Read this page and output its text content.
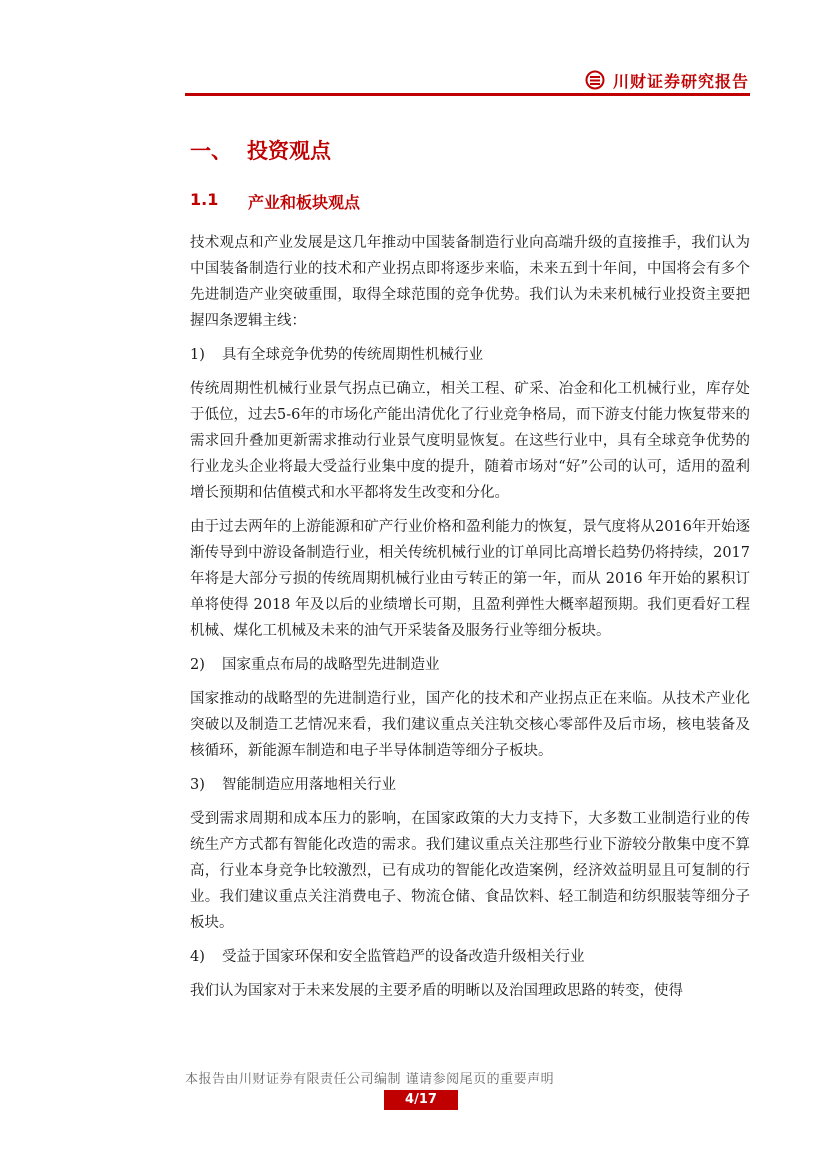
川财证券研究报告
一、 投资观点
1.1	产业和板块观点

技术观点和产业发展是这几年推动中国装备制造行业向高端升级的直接推手，我们认为中国装备制造行业的技术和产业拐点即将逐步来临，未来五到十年间，中国将会有多个先进制造产业突破重围，取得全球范围的竞争优势。我们认为未来机械行业投资主要把握四条逻辑主线：

1)	具有全球竞争优势的传统周期性机械行业

传统周期性机械行业景气拐点已确立，相关工程、矿采、冶金和化工机械行业，库存处于低位，过去5-6年的市场化产能出清优化了行业竞争格局，而下游支付能力恢复带来的需求回升叠加更新需求推动行业景气度明显恢复。在这些行业中，具有全球竞争优势的行业龙头企业将最大受益行业集中度的提升，随着市场对“好”公司的认可，适用的盈利增长预期和估值模式和水平都将发生改变和分化。

由于过去两年的上游能源和矿产行业价格和盈利能力的恢复，景气度将从2016年开始逐渐传导到中游设备制造行业，相关传统机械行业的订单同比高增长趋势仍将持续，2017年将是大部分亏损的传统周期机械行业由亏转正的第一年，而从 2016 年开始的累积订单将使得 2018 年及以后的业绩增长可期，且盈利弹性大概率超预期。我们更看好工程机械、煤化工机械及未来的油气开采装备及服务行业等细分板块。

2)	国家重点布局的战略型先进制造业

国家推动的战略型的先进制造行业，国产化的技术和产业拐点正在来临。从技术产业化突破以及制造工艺情况来看，我们建议重点关注轨交核心零部件及后市场，核电装备及核循环，新能源车制造和电子半导体制造等细分子板块。

3)	智能制造应用落地相关行业

受到需求周期和成本压力的影响，在国家政策的大力支持下，大多数工业制造行业的传统生产方式都有智能化改造的需求。我们建议重点关注那些行业下游较分散集中度不算高，行业本身竞争比较激烈，已有成功的智能化改造案例，经济效益明显且可复制的行业。我们建议重点关注消费电子、物流仓储、食品饮料、轻工制造和纺织服装等细分子板块。

4)	受益于国家环保和安全监管趋严的设备改造升级相关行业

我们认为国家对于未来发展的主要矛盾的明晰以及治国理政思路的转变，使得

本报告由川财证券有限责任公司编制 谨请参阅尾页的重要声明
4/17
